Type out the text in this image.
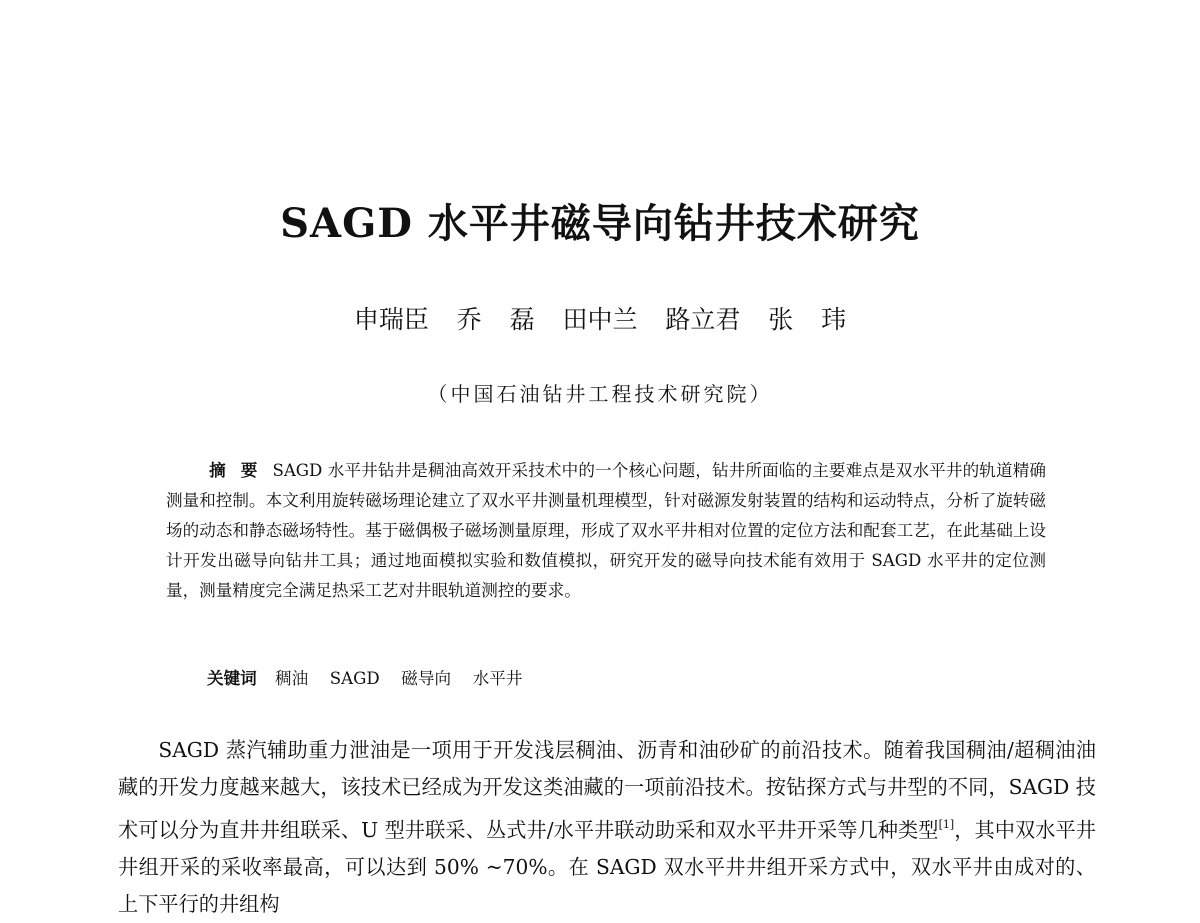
SAGD 水平井磁导向钻井技术研究
申瑞臣  乔  磊  田中兰  路立君  张  玮
（中国石油钻井工程技术研究院）

摘要SAGD 水平井钻井是稠油高效开采技术中的一个核心问题，钻井所面临的主要难点是双水平井的轨道精确测量和控制。本文利用旋转磁场理论建立了双水平井测量机理模型，针对磁源发射装置的结构和运动特点，分析了旋转磁场的动态和静态磁场特性。基于磁偶极子磁场测量原理，形成了双水平井相对位置的定位方法和配套工艺，在此基础上设计开发出磁导向钻井工具；通过地面模拟实验和数值模拟，研究开发的磁导向技术能有效用于 SAGD 水平井的定位测量，测量精度完全满足热采工艺对井眼轨道测控的要求。

关键词 稠油 SAGD 磁导向 水平井

SAGD 蒸汽辅助重力泄油是一项用于开发浅层稠油、沥青和油砂矿的前沿技术。随着我国稠油/超稠油油藏的开发力度越来越大，该技术已经成为开发这类油藏的一项前沿技术。按钻探方式与井型的不同，SAGD 技术可以分为直井井组联采、U 型井联采、丛式井/水平井联动助采和双水平井开采等几种类型[1]，其中双水平井井组开采的采收率最高，可以达到 50% ~70%。在 SAGD 双水平井井组开采方式中，双水平井由成对的、上下平行的井组构
